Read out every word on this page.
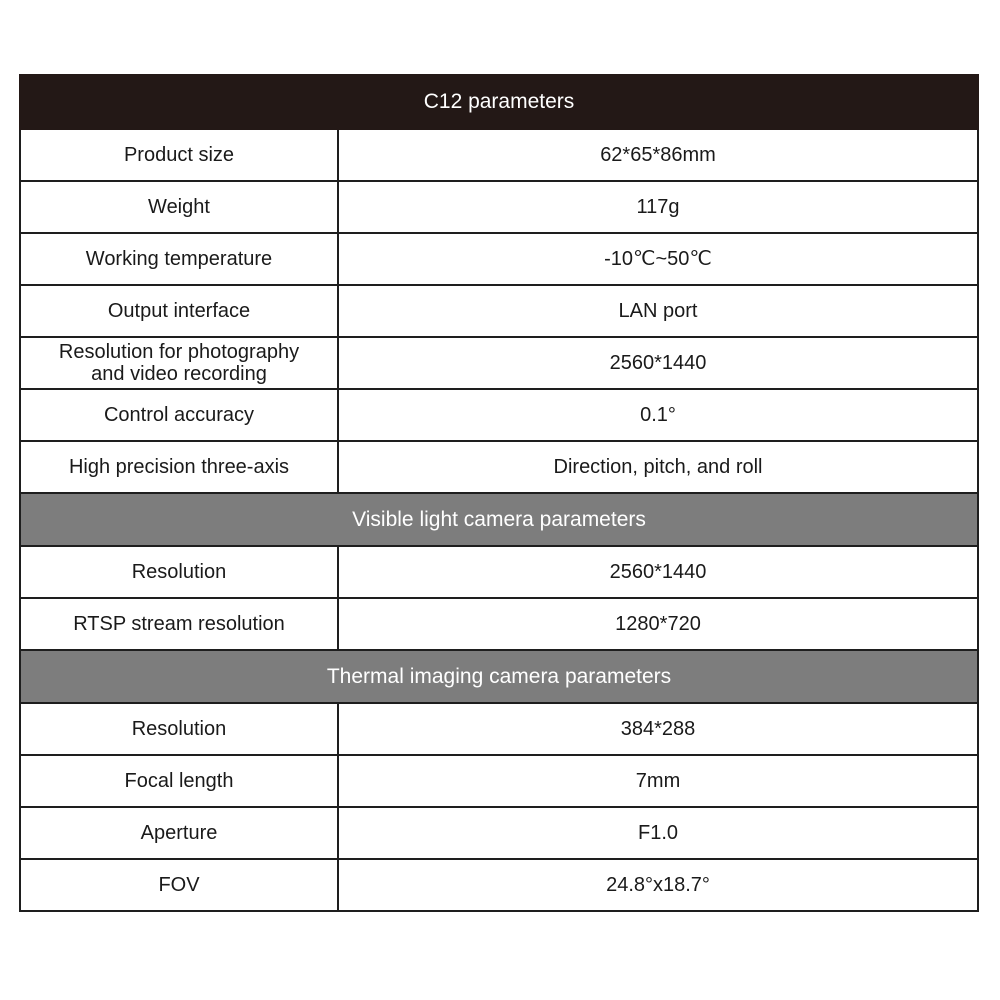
C12 parameters	
Product size	62*65*86mm
Weight	117g
Working temperature	-10℃~50℃
Output interface	LAN port

Resolution for photography
and video recording	2560*1440
Control accuracy	0.1°
High precision three-axis	Direction, pitch, and roll
Visible light camera parameters	
Resolution	2560*1440
RTSP stream resolution	1280*720
Thermal imaging camera parameters	
Resolution	384*288
Focal length	7mm
Aperture	F1.0
FOV	24.8°x18.7°
